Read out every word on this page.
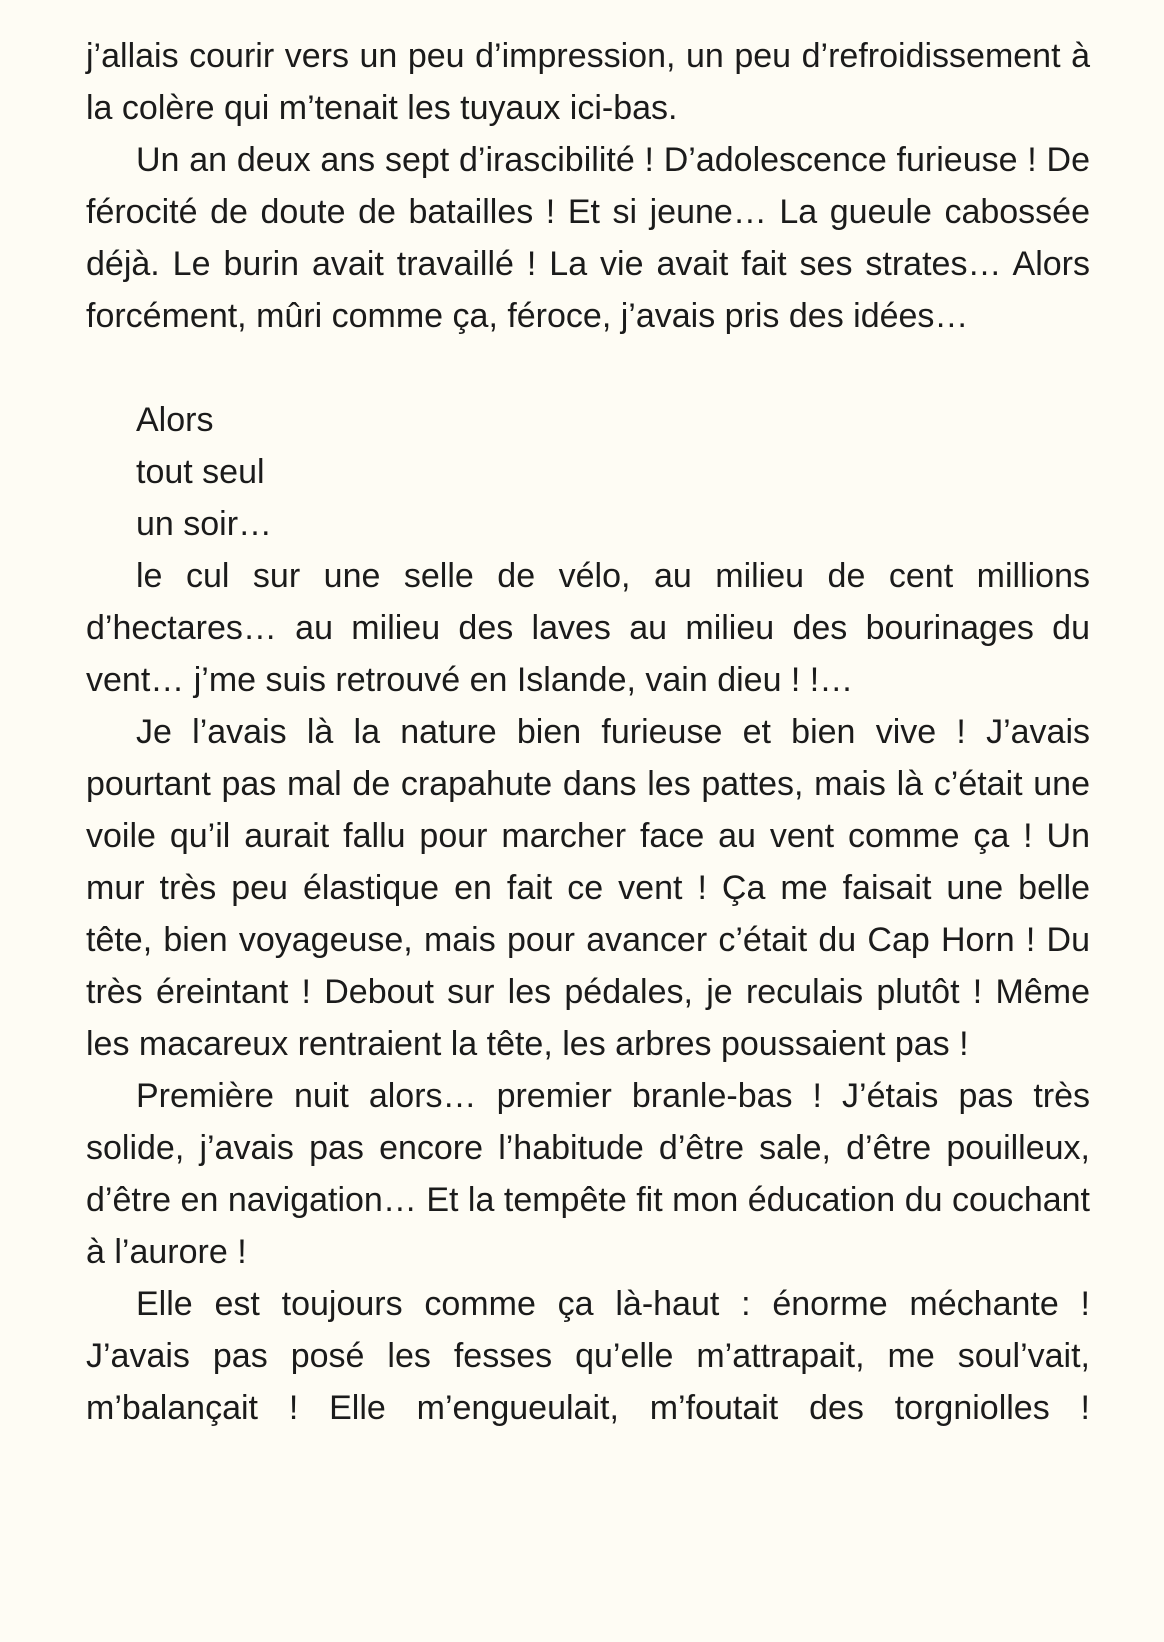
j’allais courir vers un peu d’impression, un peu d’refroidissement à la colère qui m’tenait les tuyaux ici-bas.

Un an deux ans sept d’irascibilité ! D’adolescence furieuse ! De férocité de doute de batailles ! Et si jeune… La gueule cabossée déjà. Le burin avait travaillé ! La vie avait fait ses strates… Alors forcément, mûri comme ça, féroce, j’avais pris des idées…

Alors

tout seul

un soir…

le cul sur une selle de vélo, au milieu de cent millions d’hectares… au milieu des laves au milieu des bourinages du vent… j’me suis retrouvé en Islande, vain dieu ! !…

Je l’avais là la nature bien furieuse et bien vive ! J’avais pourtant pas mal de crapahute dans les pattes, mais là c’était une voile qu’il aurait fallu pour marcher face au vent comme ça ! Un mur très peu élastique en fait ce vent ! Ça me faisait une belle tête, bien voyageuse, mais pour avancer c’était du Cap Horn ! Du très éreintant ! Debout sur les pédales, je reculais plutôt ! Même les macareux rentraient la tête, les arbres poussaient pas !

Première nuit alors… premier branle-bas ! J’étais pas très solide, j’avais pas encore l’habitude d’être sale, d’être pouilleux, d’être en navigation… Et la tempête fit mon éducation du couchant à l’aurore !

Elle est toujours comme ça là-haut : énorme méchante ! J’avais pas posé les fesses qu’elle m’attrapait, me soul’vait, m’balançait ! Elle m’engueulait, m’foutait des torgniolles !
